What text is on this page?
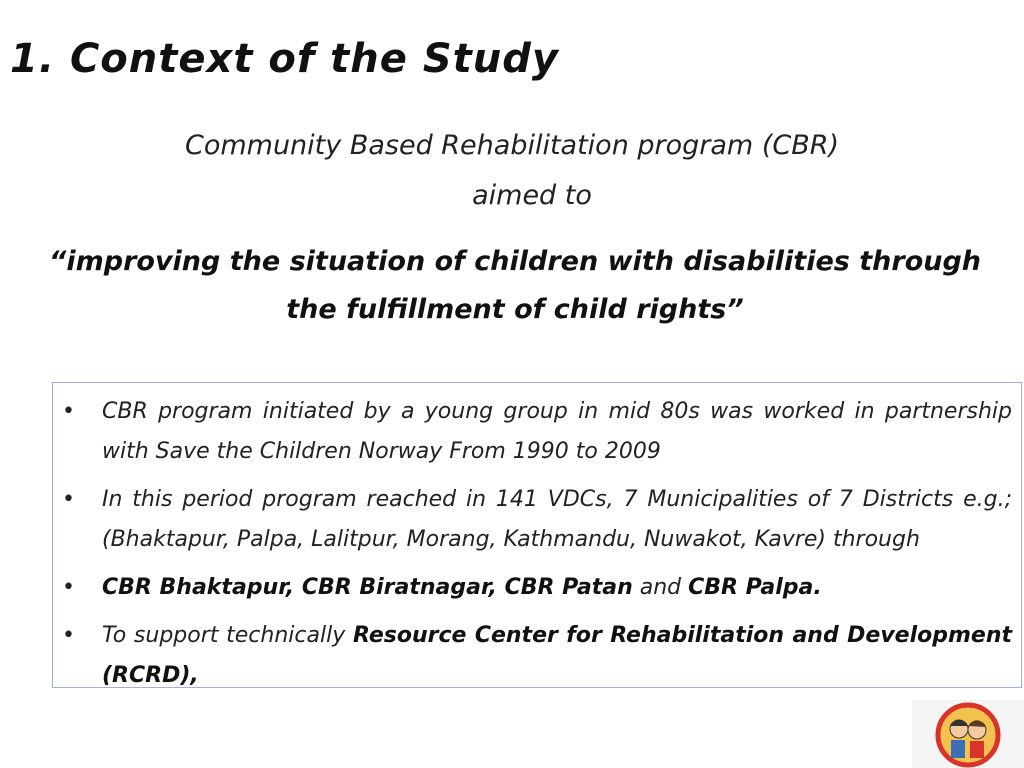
1. Context of the Study
Community Based Rehabilitation program (CBR)
aimed to
“improving the situation of children with disabilities through the fulfillment of child rights”
• CBR program initiated by a young group in mid 80s was worked in partnership with Save the Children Norway From 1990 to 2009
• In this period program reached in 141 VDCs, 7 Municipalities of 7 Districts e.g.; (Bhaktapur, Palpa, Lalitpur, Morang, Kathmandu, Nuwakot, Kavre) through
• CBR Bhaktapur, CBR Biratnagar, CBR Patan and CBR Palpa.
• To support technically Resource Center for Rehabilitation and Development (RCRD),
